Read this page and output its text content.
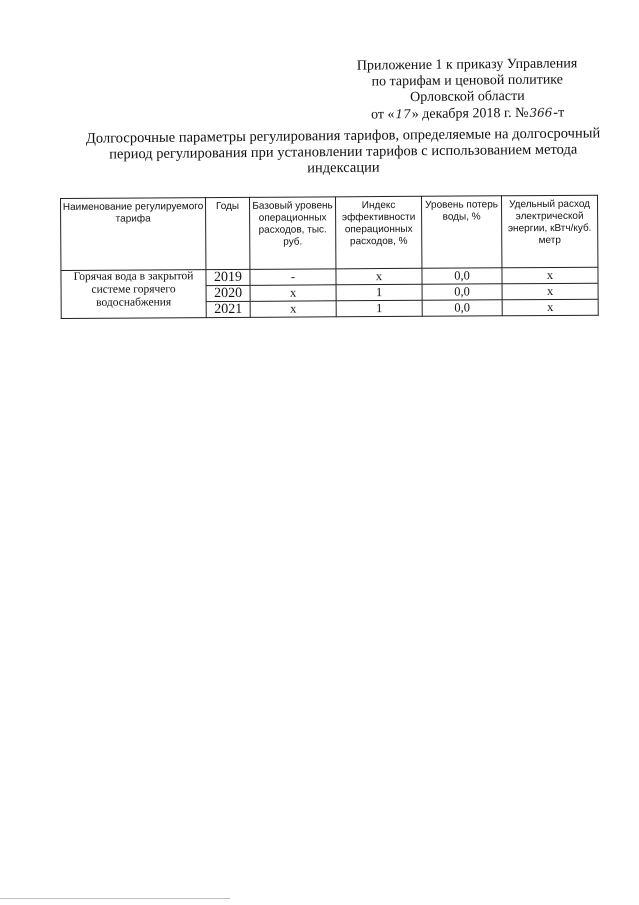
Приложение 1 к приказу Управления
по тарифам и ценовой политике
Орловской области
от «17» декабря 2018 г. №366-т
Долгосрочные параметры регулирования тарифов, определяемые на долгосрочный
период регулирования при установлении тарифов с использованием метода
индексации
Наименование регулируемого тарифа	Годы	Базовый уровень операционных расходов, тыс. руб.	Индекс эффективности операционных расходов, %	Уровень потерь воды, %	Удельный расход электрической энергии, кВтч/куб. метр
Горячая вода в закрытой системе горячего водоснабжения	2019	-	х	0,0	х
	2020	х	1	0,0	х
	2021	х	1	0,0	х
